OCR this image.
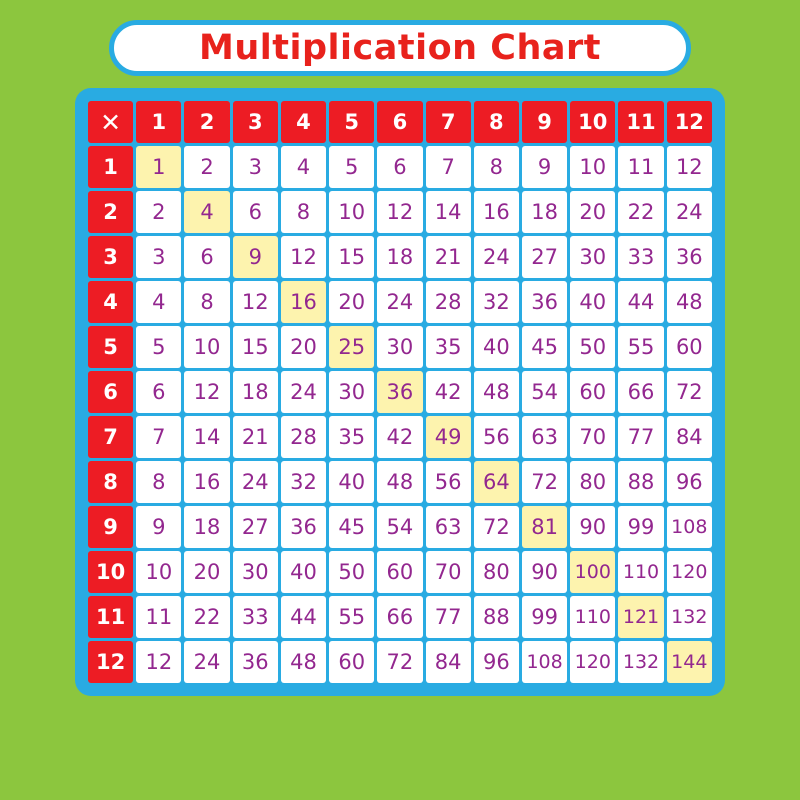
Multiplication Chart
✕	1	2	3	4	5	6	7	8	9	10	11	12
1	1	2	3	4	5	6	7	8	9	10	11	12
2	2	4	6	8	10	12	14	16	18	20	22	24
3	3	6	9	12	15	18	21	24	27	30	33	36
4	4	8	12	16	20	24	28	32	36	40	44	48
5	5	10	15	20	25	30	35	40	45	50	55	60
6	6	12	18	24	30	36	42	48	54	60	66	72
7	7	14	21	28	35	42	49	56	63	70	77	84
8	8	16	24	32	40	48	56	64	72	80	88	96
9	9	18	27	36	45	54	63	72	81	90	99	108
10	10	20	30	40	50	60	70	80	90	100	110	120
11	11	22	33	44	55	66	77	88	99	110	121	132
12	12	24	36	48	60	72	84	96	108	120	132	144
